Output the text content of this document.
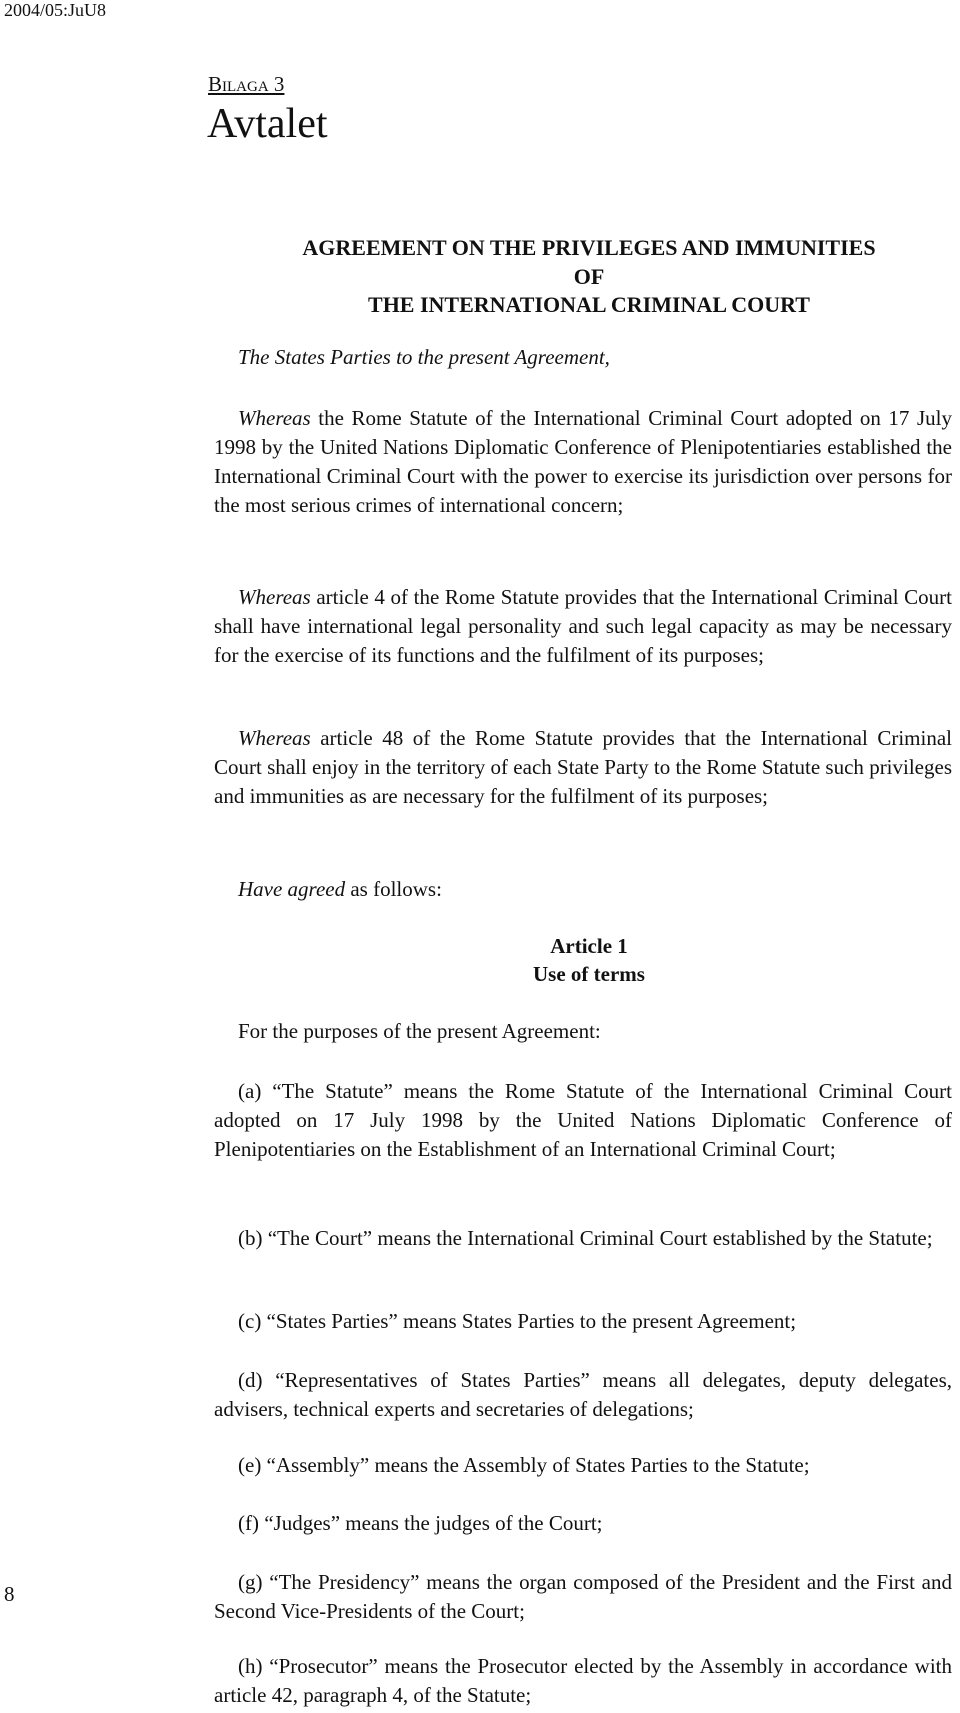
2004/05:JuU8
Bilaga 3
Avtalet
AGREEMENT ON THE PRIVILEGES AND IMMUNITIES
OF
THE INTERNATIONAL CRIMINAL COURT
The States Parties to the present Agreement,

Whereas the Rome Statute of the International Criminal Court adopted on 17 July 1998 by the United Nations Diplomatic Conference of Plenipotentiaries established the International Criminal Court with the power to exercise its jurisdiction over persons for the most serious crimes of international concern;

Whereas article 4 of the Rome Statute provides that the International Criminal Court shall have international legal personality and such legal capacity as may be necessary for the exercise of its functions and the fulfilment of its purposes;

Whereas article 48 of the Rome Statute provides that the International Criminal Court shall enjoy in the territory of each State Party to the Rome Statute such privileges and immunities as are necessary for the fulfilment of its purposes;

Have agreed as follows:
Article 1
Use of terms
For the purposes of the present Agreement:

(a) “The Statute” means the Rome Statute of the International Criminal Court adopted on 17 July 1998 by the United Nations Diplomatic Conference of Plenipotentiaries on the Establishment of an International Criminal Court;

(b) “The Court” means the International Criminal Court established by the Statute;

(c) “States Parties” means States Parties to the present Agreement;

(d) “Representatives of States Parties” means all delegates, deputy delegates, advisers, technical experts and secretaries of delegations;

(e) “Assembly” means the Assembly of States Parties to the Statute;

(f) “Judges” means the judges of the Court;

(g) “The Presidency” means the organ composed of the President and the First and Second Vice-Presidents of the Court;

(h) “Prosecutor” means the Prosecutor elected by the Assembly in accordance with article 42, paragraph 4, of the Statute;

8
